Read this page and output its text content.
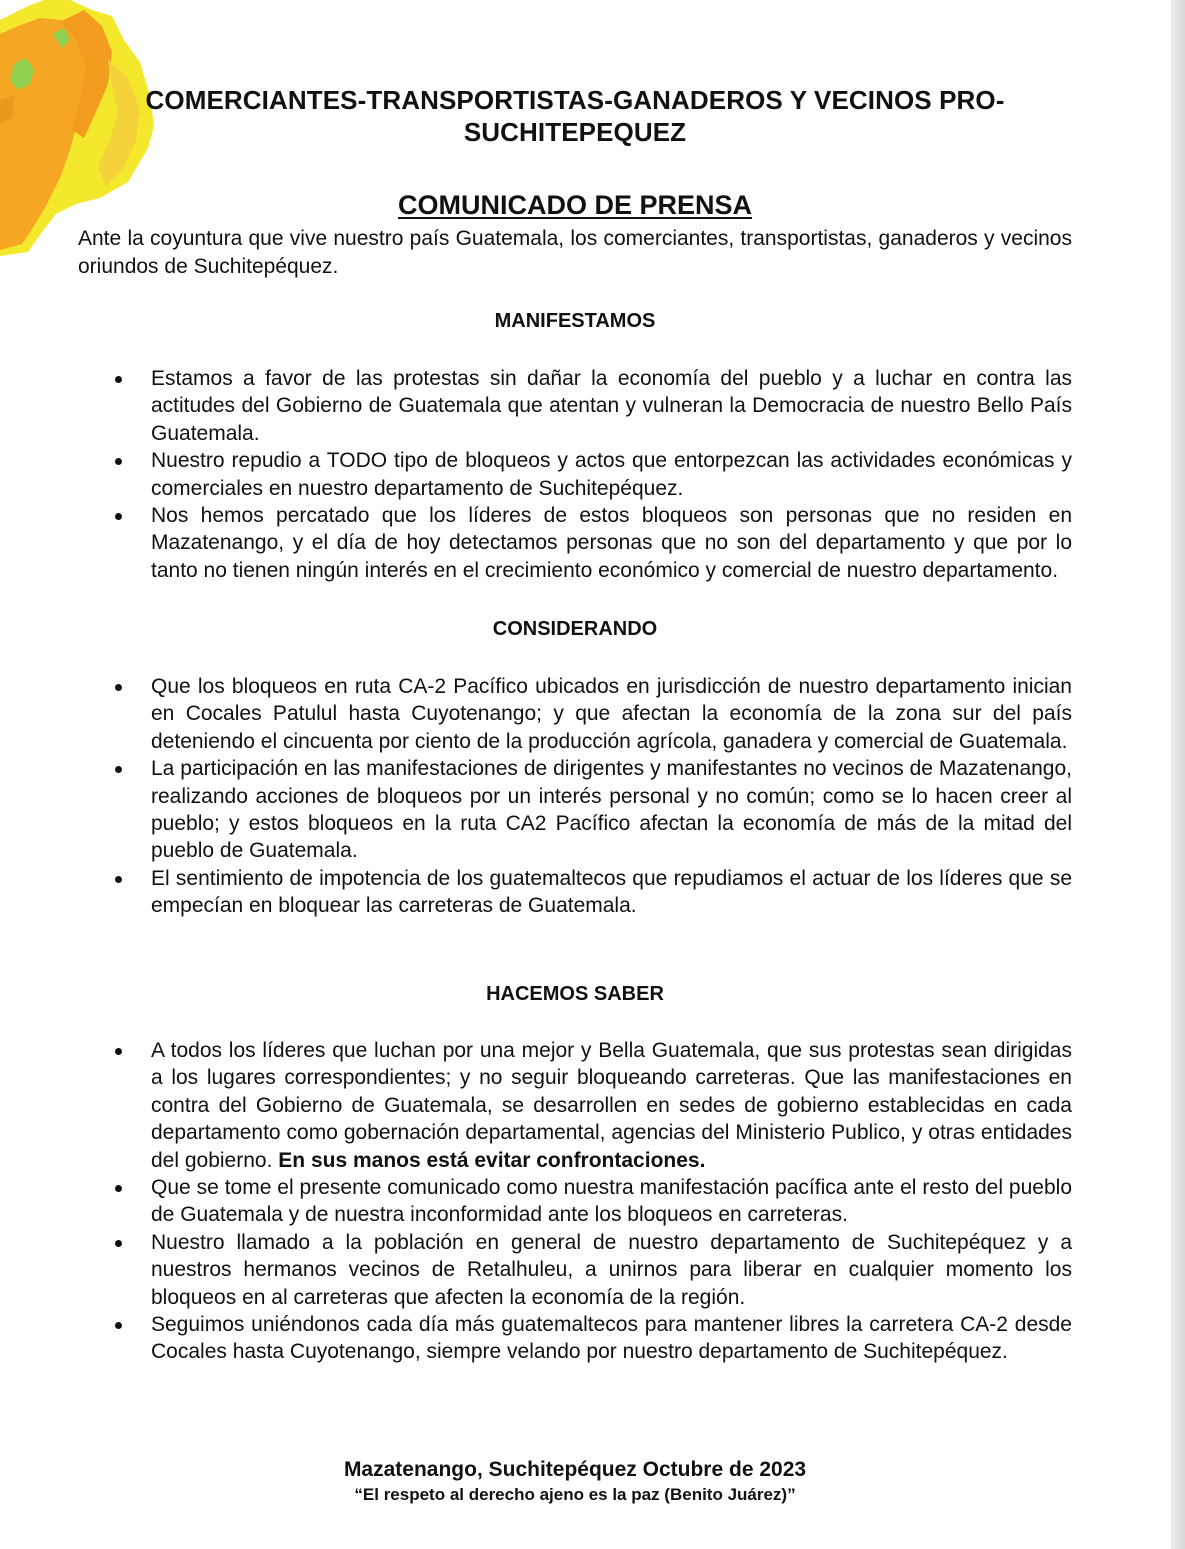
COMERCIANTES-TRANSPORTISTAS-GANADEROS Y VECINOS PRO-SUCHITEPEQUEZ
COMUNICADO DE PRENSA
Ante la coyuntura que vive nuestro país Guatemala, los comerciantes, transportistas, ganaderos y vecinos oriundos de Suchitepéquez.
MANIFESTAMOS
Estamos a favor de las protestas sin dañar la economía del pueblo y a luchar en contra las actitudes del Gobierno de Guatemala que atentan y vulneran la Democracia de nuestro Bello País Guatemala.
Nuestro repudio a TODO tipo de bloqueos y actos que entorpezcan las actividades económicas y comerciales en nuestro departamento de Suchitepéquez.
Nos hemos percatado que los líderes de estos bloqueos son personas que no residen en Mazatenango, y el día de hoy detectamos personas que no son del departamento y que por lo tanto no tienen ningún interés en el crecimiento económico y comercial de nuestro departamento.
CONSIDERANDO
Que los bloqueos en ruta CA-2 Pacífico ubicados en jurisdicción de nuestro departamento inician en Cocales Patulul hasta Cuyotenango; y que afectan la economía de la zona sur del país deteniendo el cincuenta por ciento de la producción agrícola, ganadera y comercial de Guatemala.
La participación en las manifestaciones de dirigentes y manifestantes no vecinos de Mazatenango, realizando acciones de bloqueos por un interés personal y no común; como se lo hacen creer al pueblo; y estos bloqueos en la ruta CA2 Pacífico afectan la economía de más de la mitad del pueblo de Guatemala.
El sentimiento de impotencia de los guatemaltecos que repudiamos el actuar de los líderes que se empecían en bloquear las carreteras de Guatemala.
HACEMOS SABER
A todos los líderes que luchan por una mejor y Bella Guatemala, que sus protestas sean dirigidas a los lugares correspondientes; y no seguir bloqueando carreteras. Que las manifestaciones en contra del Gobierno de Guatemala, se desarrollen en sedes de gobierno establecidas en cada departamento como gobernación departamental, agencias del Ministerio Publico, y otras entidades del gobierno. En sus manos está evitar confrontaciones.
Que se tome el presente comunicado como nuestra manifestación pacífica ante el resto del pueblo de Guatemala y de nuestra inconformidad ante los bloqueos en carreteras.
Nuestro llamado a la población en general de nuestro departamento de Suchitepéquez y a nuestros hermanos vecinos de Retalhuleu, a unirnos para liberar en cualquier momento los bloqueos en al carreteras que afecten la economía de la región.
Seguimos uniéndonos cada día más guatemaltecos para mantener libres la carretera CA-2 desde Cocales hasta Cuyotenango, siempre velando por nuestro departamento de Suchitepéquez.
Mazatenango, Suchitepéquez Octubre de 2023
“El respeto al derecho ajeno es la paz (Benito Juárez)”
